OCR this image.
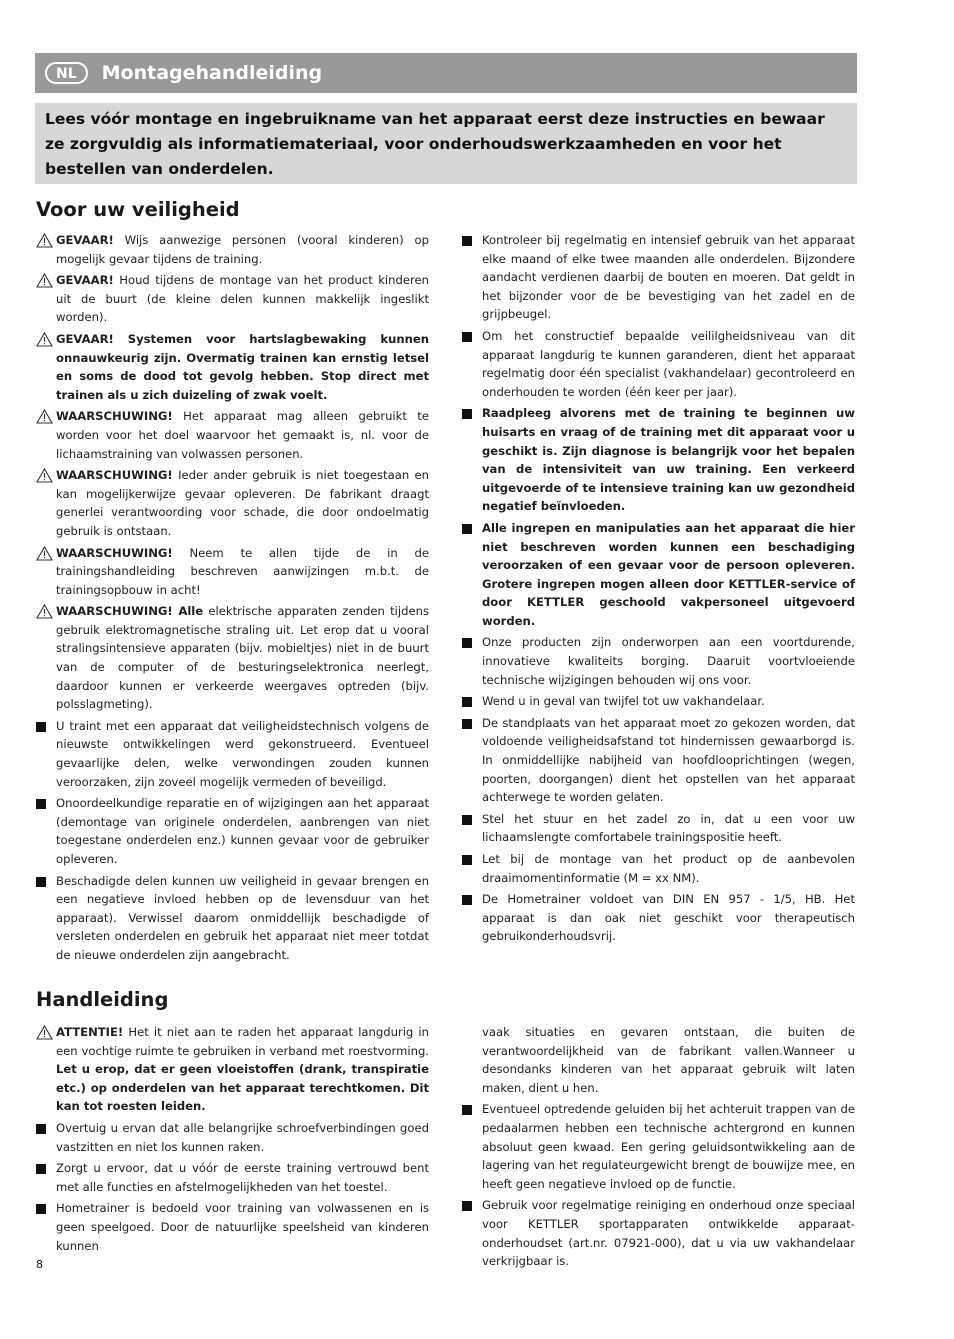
NL	Montagehandleiding
Lees vóór montage en ingebruikname van het apparaat eerst deze instructies en bewaar ze zorgvuldig als informatiemateriaal, voor onderhoudswerkzaamheden en voor het bestellen van onderdelen.
Voor uw veiligheid
GEVAAR! Wijs aanwezige personen (vooral kinderen) op mogelijk gevaar tijdens de training.
GEVAAR! Houd tijdens de montage van het product kinderen uit de buurt (de kleine delen kunnen makkelijk ingeslikt worden).
GEVAAR! Systemen voor hartslagbewaking kunnen onnauwkeurig zijn. Overmatig trainen kan ernstig letsel en soms de dood tot gevolg hebben. Stop direct met trainen als u zich duizeling of zwak voelt.
WAARSCHUWING! Het apparaat mag alleen gebruikt te worden voor het doel waarvoor het gemaakt is, nl. voor de lichaamstraining van volwassen personen.
WAARSCHUWING! Ieder ander gebruik is niet toegestaan en kan mogelijkerwijze gevaar opleveren. De fabrikant draagt generlei verantwoording voor schade, die door ondoelmatig gebruik is ontstaan.
WAARSCHUWING! Neem te allen tijde de in de trainingshandleiding beschreven aanwijzingen m.b.t. de trainingsopbouw in acht!
WAARSCHUWING! Alle elektrische apparaten zenden tijdens gebruik elektromagnetische straling uit. Let erop dat u vooral stralingsintensieve apparaten (bijv. mobieltjes) niet in de buurt van de computer of de besturingselektronica neerlegt, daardoor kunnen er verkeerde weergaves optreden (bijv. polsslagmeting).
U traint met een apparaat dat veiligheidstechnisch volgens de nieuwste ontwikkelingen werd gekonstrueerd. Eventueel gevaarlijke delen, welke verwondingen zouden kunnen veroorzaken, zijn zoveel mogelijk vermeden of beveiligd.
Onoordeelkundige reparatie en of wijzigingen aan het apparaat (demontage van originele onderdelen, aanbrengen van niet toegestane onderdelen enz.) kunnen gevaar voor de gebruiker opleveren.
Beschadigde delen kunnen uw veiligheid in gevaar brengen en een negatieve invloed hebben op de levensduur van het apparaat). Verwissel daarom onmiddellijk beschadigde of versleten onderdelen en gebruik het apparaat niet meer totdat de nieuwe onderdelen zijn aangebracht.
Kontroleer bij regelmatig en intensief gebruik van het apparaat elke maand of elke twee maanden alle onderdelen. Bijzondere aandacht verdienen daarbij de bouten en moeren. Dat geldt in het bijzonder voor de be bevestiging van het zadel en de grijpbeugel.
Om het constructief bepaalde veililgheidsniveau van dit apparaat langdurig te kunnen garanderen, dient het apparaat regelmatig door één specialist (vakhandelaar) gecontroleerd en onderhouden te worden (één keer per jaar).
Raadpleeg alvorens met de training te beginnen uw huisarts en vraag of de training met dit apparaat voor u geschikt is. Zijn diagnose is belangrijk voor het bepalen van de intensiviteit van uw training. Een verkeerd uitgevoerde of te intensieve training kan uw gezondheid negatief beïnvloeden.
Alle ingrepen en manipulaties aan het apparaat die hier niet beschreven worden kunnen een beschadiging veroorzaken of een gevaar voor de persoon opleveren. Grotere ingrepen mogen alleen door KETTLER-service of door KETTLER geschoold vakpersoneel uitgevoerd worden.
Onze producten zijn onderworpen aan een voortdurende, innovatieve kwaliteits borging. Daaruit voortvloeiende technische wijzigingen behouden wij ons voor.
Wend u in geval van twijfel tot uw vakhandelaar.
De standplaats van het apparaat moet zo gekozen worden, dat voldoende veiligheidsafstand tot hindernissen gewaarborgd is. In onmiddellijke nabijheid van hoofdlooprichtingen (wegen, poorten, doorgangen) dient het opstellen van het apparaat achterwege te worden gelaten.
Stel het stuur en het zadel zo in, dat u een voor uw lichaamslengte comfortabele trainingspositie heeft.
Let bij de montage van het product op de aanbevolen draaimomentinformatie (M = xx NM).
De Hometrainer voldoet van DIN EN 957 - 1/5, HB. Het apparaat is dan oak niet geschikt voor therapeutisch gebruikonderhoudsvrij.
Handleiding
ATTENTIE! Het it niet aan te raden het apparaat langdurig in een vochtige ruimte te gebruiken in verband met roestvorming. Let u erop, dat er geen vloeistoffen (drank, transpiratie etc.) op onderdelen van het apparaat terechtkomen. Dit kan tot roesten leiden.
Overtuig u ervan dat alle belangrijke schroefverbindingen goed vastzitten en niet los kunnen raken.
Zorgt u ervoor, dat u vóór de eerste training vertrouwd bent met alle functies en afstelmogelijkheden van het toestel.
Hometrainer is bedoeld voor training van volwassenen en is geen speelgoed. Door de natuurlijke speelsheid van kinderen kunnen
vaak situaties en gevaren ontstaan, die buiten de verantwoordelijkheid van de fabrikant vallen.Wanneer u desondanks kinderen van het apparaat gebruik wilt laten maken, dient u hen.
Eventueel optredende geluiden bij het achteruit trappen van de pedaalarmen hebben een technische achtergrond en kunnen absoluut geen kwaad. Een gering geluidsontwikkeling aan de lagering van het regulateurgewicht brengt de bouwijze mee, en heeft geen negatieve invloed op de functie.
Gebruik voor regelmatige reiniging en onderhoud onze speciaal voor KETTLER sportapparaten ontwikkelde apparaat-onderhoudset (art.nr. 07921-000), dat u via uw vakhandelaar verkrijgbaar is.
8
